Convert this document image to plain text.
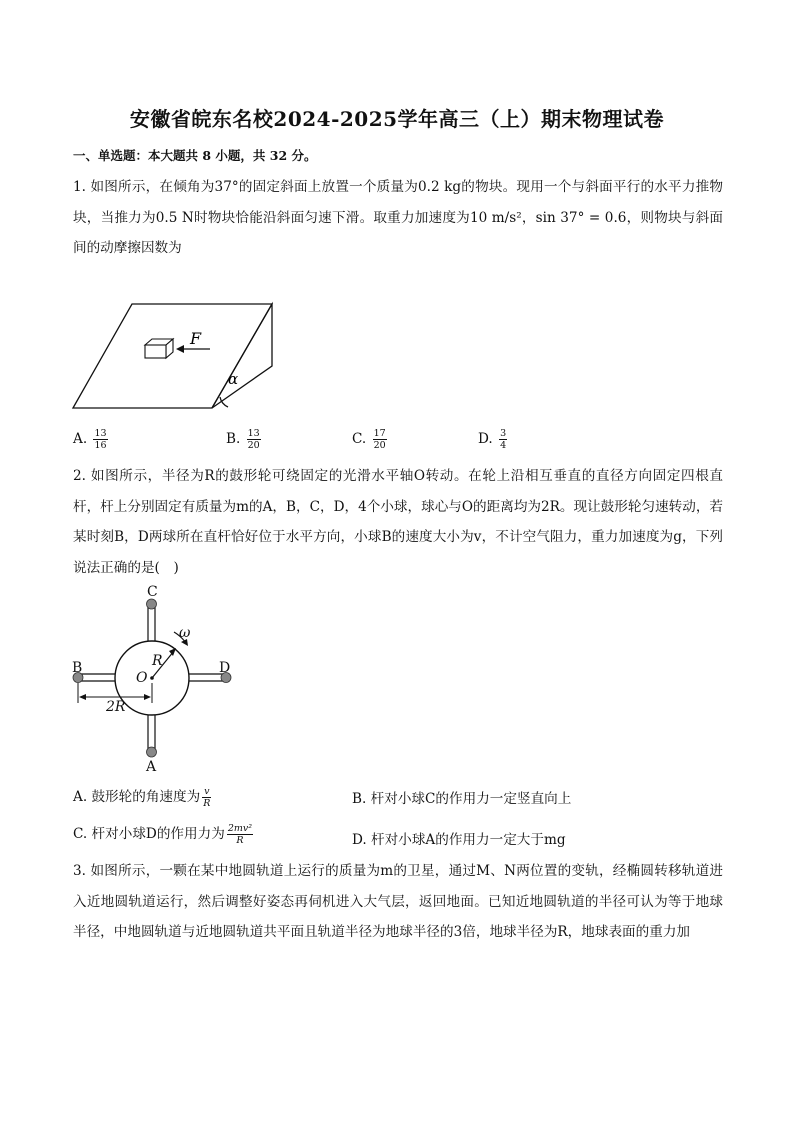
安徽省皖东名校2024-2025学年高三（上）期末物理试卷
一、单选题：本大题共 8 小题，共 32 分。
1. 如图所示，在倾角为37°的固定斜面上放置一个质量为0.2 kg的物块。现用一个与斜面平行的水平力推物块，当推力为0.5 N时物块恰能沿斜面匀速下滑。取重力加速度为10 m/s²，sin 37° = 0.6，则物块与斜面间的动摩擦因数为
F
α
A. $\frac{13}{16}$	B. $\frac{13}{20}$	C. $\frac{17}{20}$	D. $\frac{3}{4}$
2. 如图所示，半径为R的鼓形轮可绕固定的光滑水平轴O转动。在轮上沿相互垂直的直径方向固定四根直杆，杆上分别固定有质量为m的A，B，C，D，4个小球，球心与O的距离均为2R。现让鼓形轮匀速转动，若某时刻B，D两球所在直杆恰好位于水平方向，小球B的速度大小为v，不计空气阻力，重力加速度为g，下列说法正确的是(　)
C
A
B	D
O
R
2R
ω
A. 鼓形轮的角速度为 $\frac{v}{R}$	B. 杆对小球C的作用力一定竖直向上
C. 杆对小球D的作用力为 $\frac{\text{2mv²}}{R}$	D. 杆对小球A的作用力一定大于mg
3. 如图所示，一颗在某中地圆轨道上运行的质量为m的卫星，通过M、N两位置的变轨，经椭圆转移轨道进入近地圆轨道运行，然后调整好姿态再伺机进入大气层，返回地面。已知近地圆轨道的半径可认为等于地球半径，中地圆轨道与近地圆轨道共平面且轨道半径为地球半径的3倍，地球半径为R，地球表面的重力加
